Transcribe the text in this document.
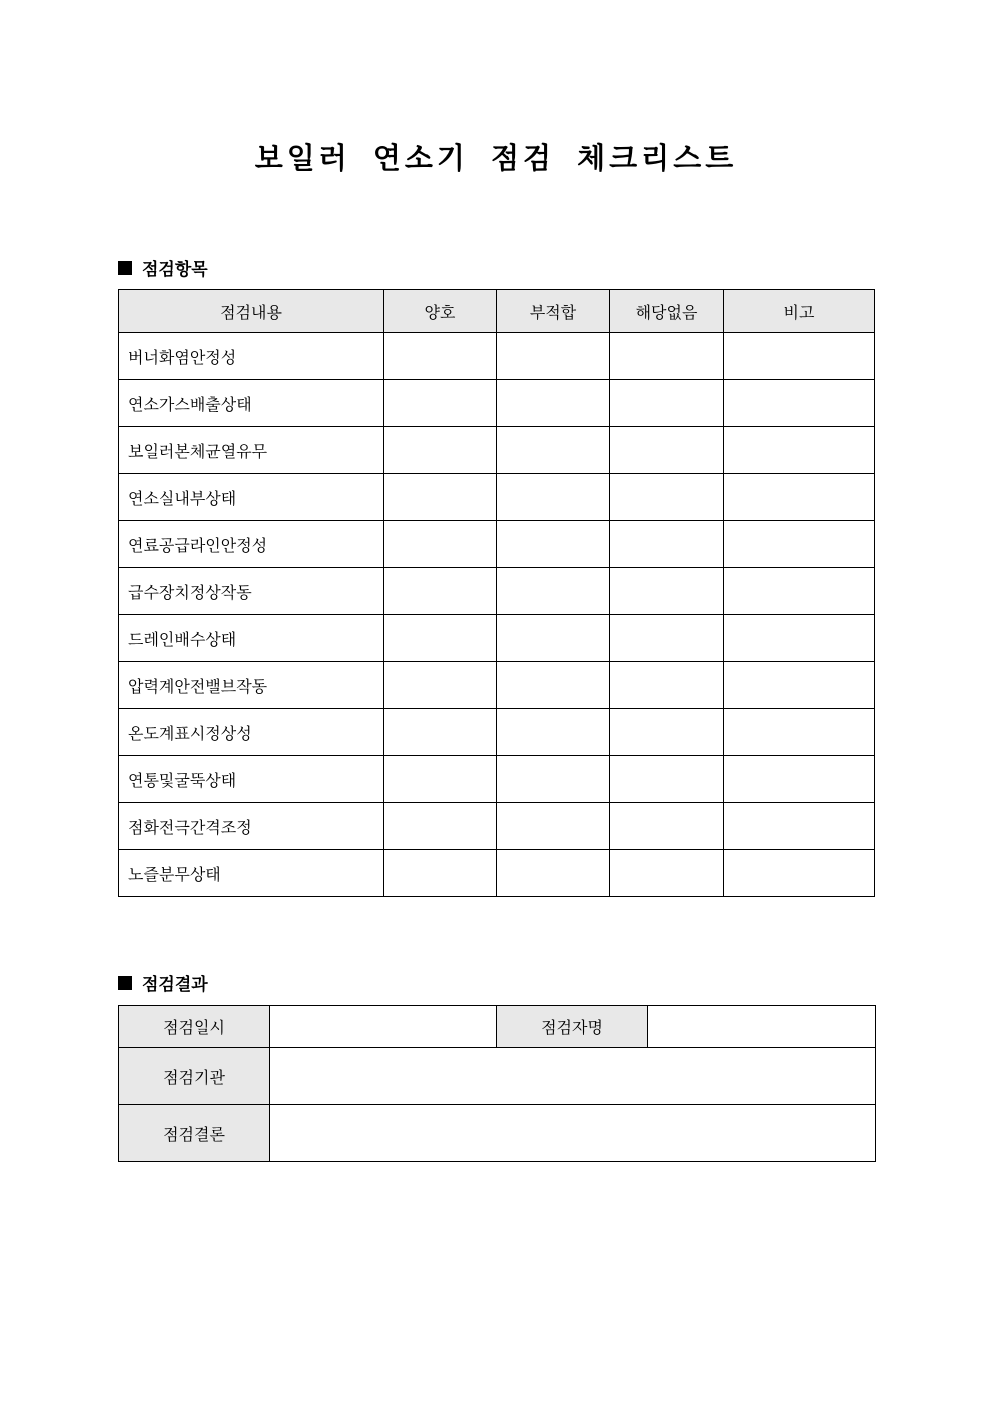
보일러 연소기 점검 체크리스트
점검항목
점검내용	양호	부적합	해당없음	비고
버너화염안정성				
연소가스배출상태				
보일러본체균열유무				
연소실내부상태				
연료공급라인안정성				
급수장치정상작동				
드레인배수상태				
압력계안전밸브작동				
온도계표시정상성				
연통및굴뚝상태				
점화전극간격조정				
노즐분무상태				
점검결과
점검일시		점검자명	
점검기관			
점검결론			
